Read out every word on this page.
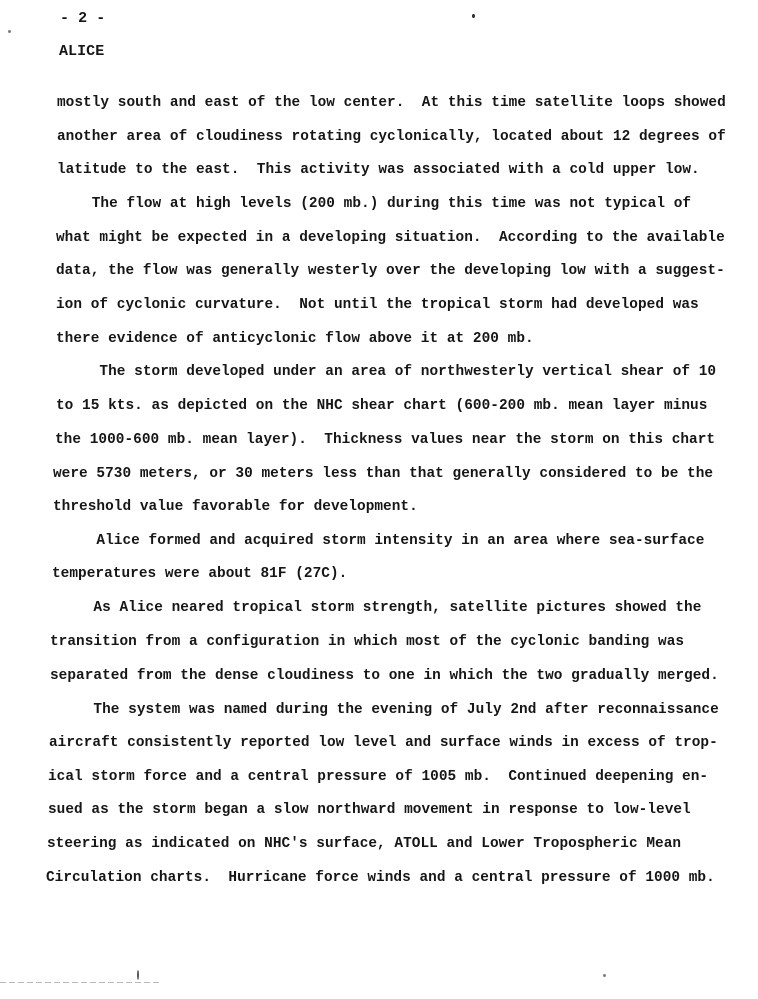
- 2 -
ALICE
mostly south and east of the low center.  At this time satellite loops showed
another area of cloudiness rotating cyclonically, located about 12 degrees of
latitude to the east.  This activity was associated with a cold upper low.
The flow at high levels (200 mb.) during this time was not typical of
what might be expected in a developing situation.  According to the available
data, the flow was generally westerly over the developing low with a suggest-
ion of cyclonic curvature.  Not until the tropical storm had developed was
there evidence of anticyclonic flow above it at 200 mb.
The storm developed under an area of northwesterly vertical shear of 10
to 15 kts. as depicted on the NHC shear chart (600-200 mb. mean layer minus
the 1000-600 mb. mean layer).  Thickness values near the storm on this chart
were 5730 meters, or 30 meters less than that generally considered to be the
threshold value favorable for development.
Alice formed and acquired storm intensity in an area where sea-surface
temperatures were about 81F (27C).
As Alice neared tropical storm strength, satellite pictures showed the
transition from a configuration in which most of the cyclonic banding was
separated from the dense cloudiness to one in which the two gradually merged.
The system was named during the evening of July 2nd after reconnaissance
aircraft consistently reported low level and surface winds in excess of trop-
ical storm force and a central pressure of 1005 mb.  Continued deepening en-
sued as the storm began a slow northward movement in response to low-level
steering as indicated on NHC's surface, ATOLL and Lower Tropospheric Mean
Circulation charts.  Hurricane force winds and a central pressure of 1000 mb.
